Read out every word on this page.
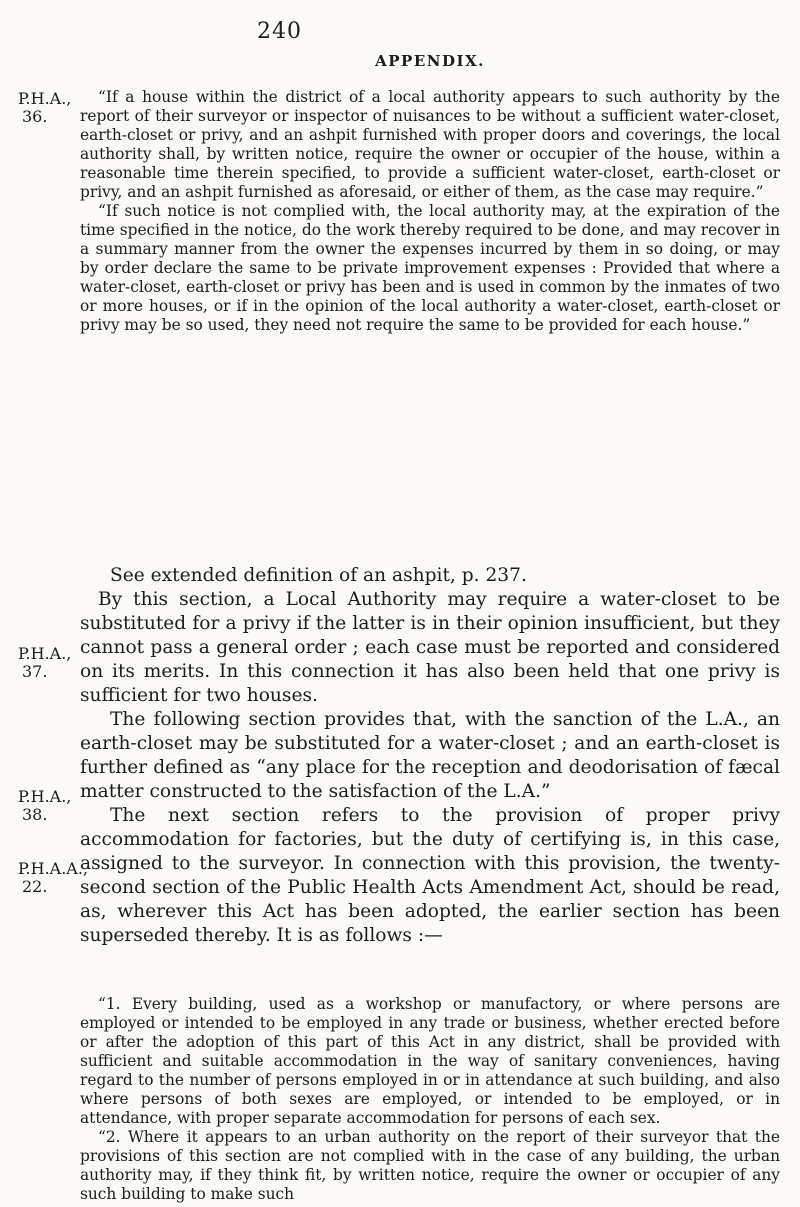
240
APPENDIX.
P.H.A.,
36.
P.H.A.,
37.
P.H.A.,
38.
P.H.A.A.,
22.

“If a house within the district of a local authority appears to such authority by the report of their surveyor or inspector of nuisances to be without a sufficient water-closet, earth-closet or privy, and an ashpit furnished with proper doors and coverings, the local authority shall, by written notice, require the owner or occupier of the house, within a reasonable time therein specified, to provide a sufficient water-closet, earth-closet or privy, and an ashpit furnished as aforesaid, or either of them, as the case may require.”

“If such notice is not complied with, the local authority may, at the expiration of the time specified in the notice, do the work thereby required to be done, and may recover in a summary manner from the owner the expenses incurred by them in so doing, or may by order declare the same to be private improvement expenses : Provided that where a water-closet, earth-closet or privy has been and is used in common by the inmates of two or more houses, or if in the opinion of the local authority a water-closet, earth-closet or privy may be so used, they need not require the same to be provided for each house.”

See extended definition of an ashpit, p. 237.

By this section, a Local Authority may require a water-closet to be substituted for a privy if the latter is in their opinion insufficient, but they cannot pass a general order ; each case must be reported and considered on its merits. In this connection it has also been held that one privy is sufficient for two houses.

The following section provides that, with the sanction of the L.A., an earth-closet may be substituted for a water-closet ; and an earth-closet is further defined as “any place for the reception and deodorisation of fæcal matter constructed to the satisfaction of the L.A.”

The next section refers to the provision of proper privy accommodation for factories, but the duty of certifying is, in this case, assigned to the surveyor. In connection with this provision, the twenty-second section of the Public Health Acts Amendment Act, should be read, as, wherever this Act has been adopted, the earlier section has been superseded thereby. It is as follows :—

“1. Every building, used as a workshop or manufactory, or where persons are employed or intended to be employed in any trade or business, whether erected before or after the adoption of this part of this Act in any district, shall be provided with sufficient and suitable accommodation in the way of sanitary conveniences, having regard to the number of persons employed in or in attendance at such building, and also where persons of both sexes are employed, or intended to be employed, or in attendance, with proper separate accommodation for persons of each sex.

“2. Where it appears to an urban authority on the report of their surveyor that the provisions of this section are not complied with in the case of any building, the urban authority may, if they think fit, by written notice, require the owner or occupier of any such building to make such
